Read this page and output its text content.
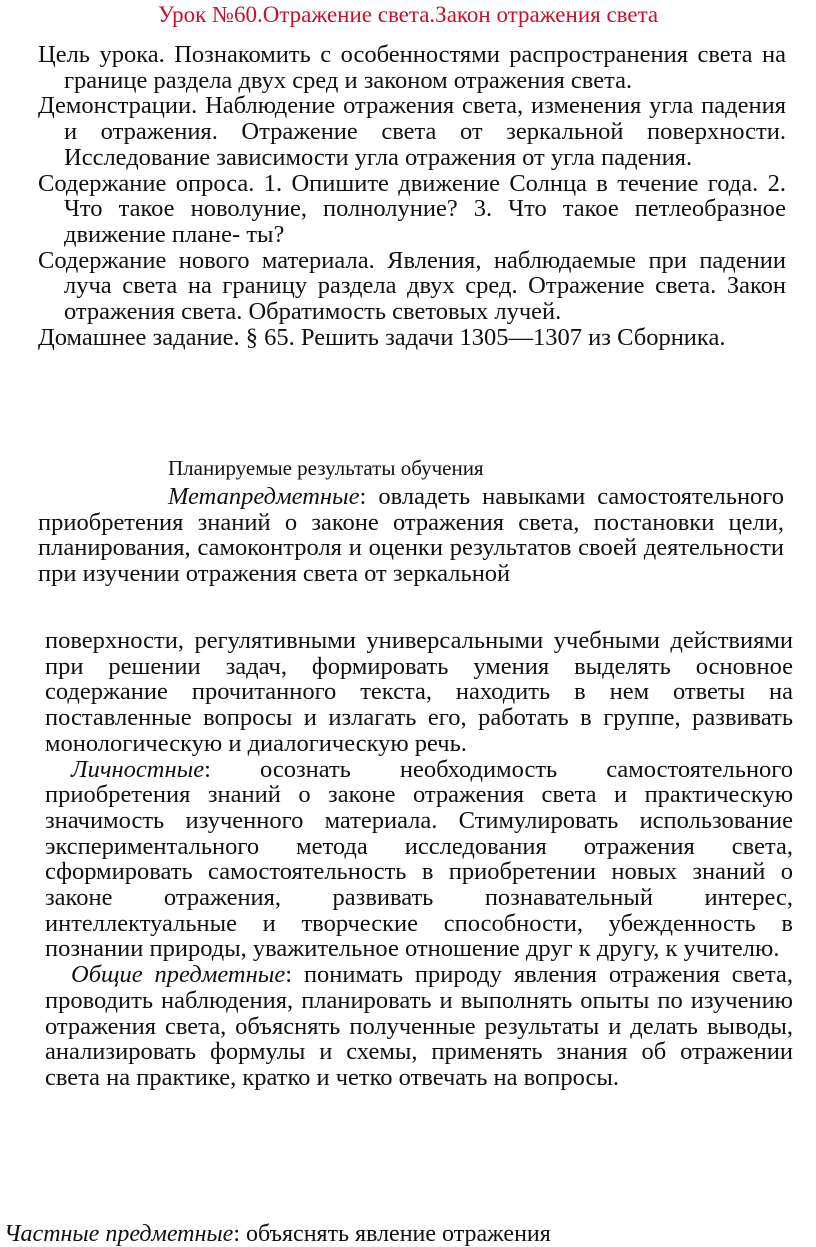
Урок №60.Отражение света.Закон отражения света

Цель урока. Познакомить с особенностями распространения света на границе раздела двух сред и законом отражения света.

Демонстрации. Наблюдение отражения света, изменения угла падения и отражения. Отражение света от зеркальной поверхности. Исследование зависимости угла отражения от угла падения.

Содержание опроса. 1. Опишите движение Солнца в течение года. 2. Что такое новолуние, полнолуние? 3. Что такое петлеобразное движение плане- ты?

Содержание нового материала. Явления, наблюдаемые при падении луча света на границу раздела двух сред. Отражение света. Закон отражения света. Обратимость световых лучей.

Домашнее задание. § 65. Решить задачи 1305—1307 из Сборника.

Планируемые результаты обучения

Метапредметные: овладеть навыками самостоятельного приобретения знаний о законе отражения света, постановки цели, планирования, самоконтроля и оценки результатов своей деятельности при изучении отражения света от зеркальной

поверхности, регулятивными универсальными учебными действиями при решении задач, формировать умения выделять основное содержание прочитанного текста, находить в нем ответы на поставленные вопросы и излагать его, работать в группе, развивать монологическую и диалогическую речь.

Личностные: осознать необходимость самостоятельного приобретения знаний о законе отражения света и практическую значимость изученного материала. Стимулировать использование экспериментального метода исследования отражения света, сформировать самостоятельность в приобретении новых знаний о законе отражения, развивать познавательный интерес, интеллектуальные и творческие способности, убежденность в познании природы, уважительное отношение друг к другу, к учителю.

Общие предметные: понимать природу явления отражения света, проводить наблюдения, планировать и выполнять опыты по изучению отражения света, объяснять полученные результаты и делать выводы, анализировать формулы и схемы, применять знания об отражении света на практике, кратко и четко отвечать на вопросы.

Частные предметные: объяснять явление отражения
